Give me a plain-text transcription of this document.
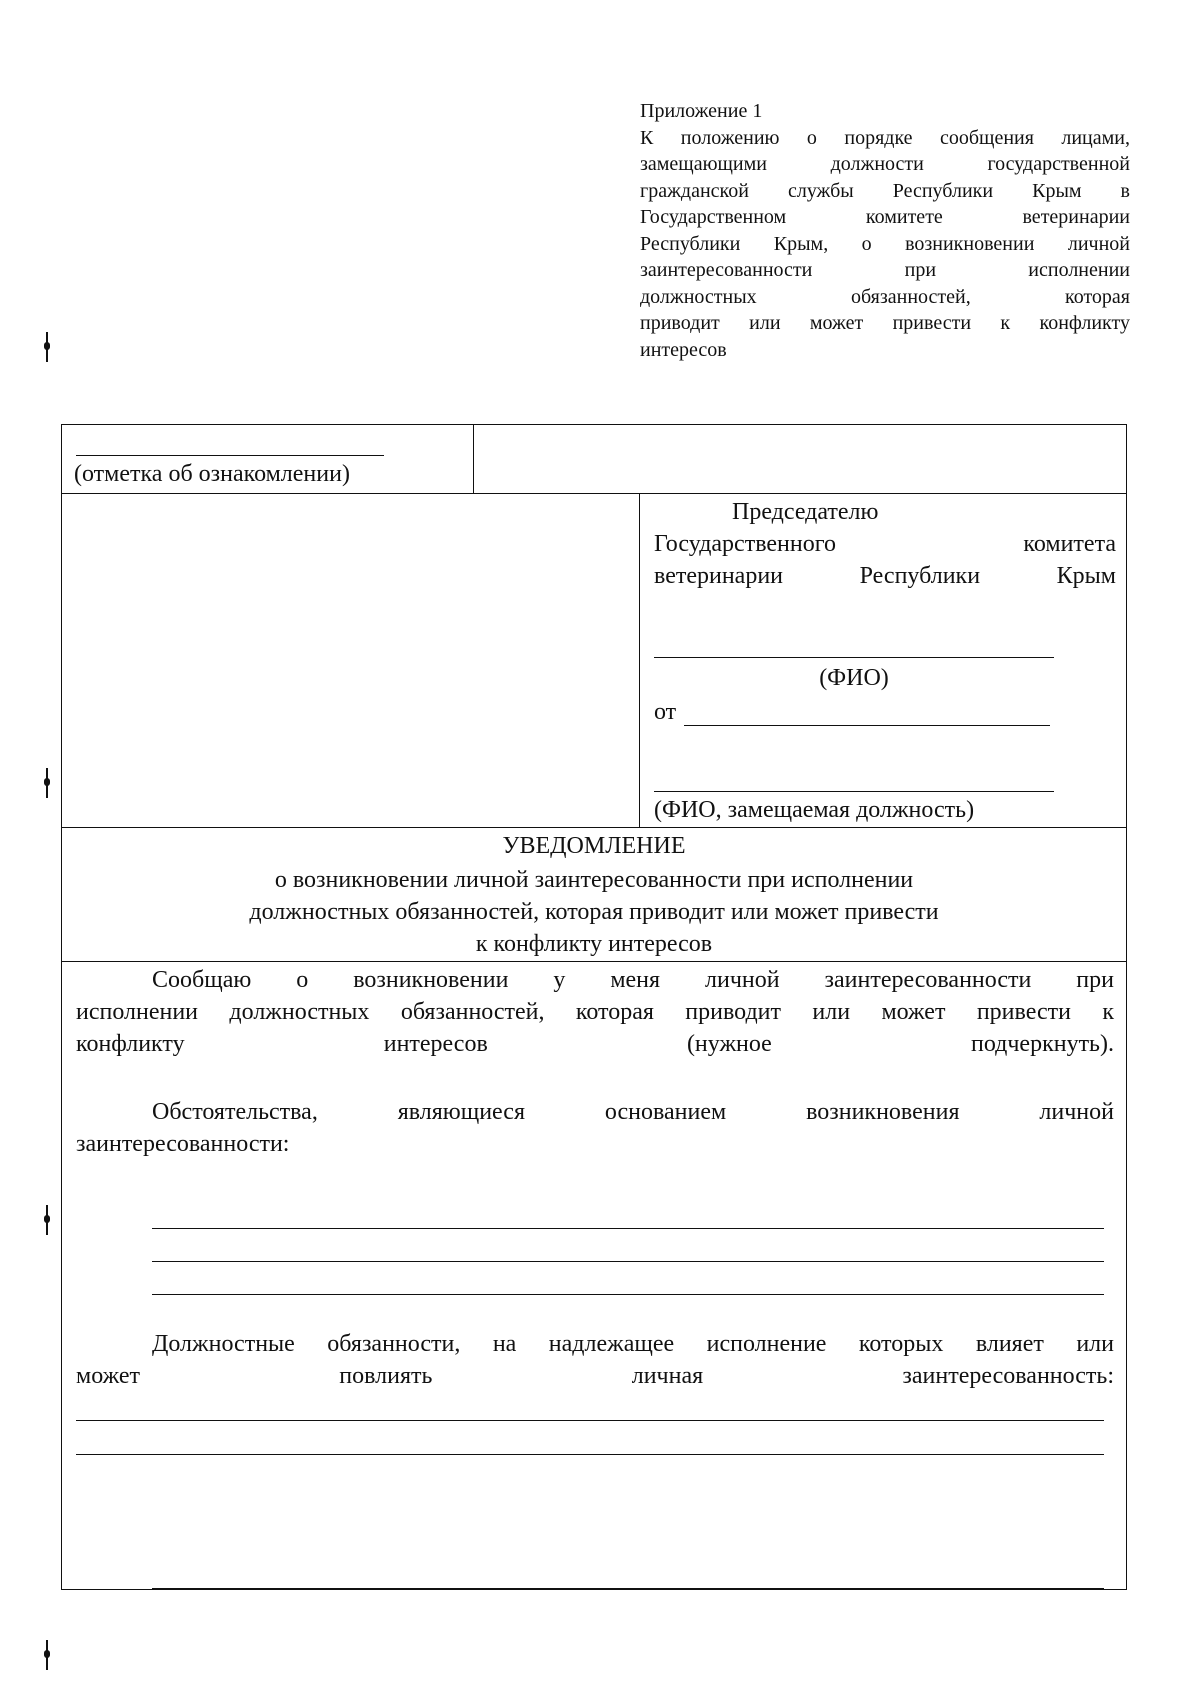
Приложение 1
К положению о порядке сообщения лицами,
замещающими должности государственной
гражданской службы Республики Крым в
Государственном комитете ветеринарии
Республики Крым, о возникновении личной
заинтересованности при исполнении
должностных обязанностей, которая
приводит или может привести к конфликту
интересов
(отметка об ознакомлении)
Председателю
Государственного комитета
ветеринарии Республики Крым
(ФИО)
от
(ФИО, замещаемая должность)
УВЕДОМЛЕНИЕ
о возникновении личной заинтересованности при исполнении
должностных обязанностей, которая приводит или может привести
к конфликту интересов
Сообщаю о возникновении у меня личной заинтересованности при
исполнении должностных обязанностей, которая приводит или может привести к
конфликту интересов (нужное подчеркнуть).
Обстоятельства, являющиеся основанием возникновения личной
заинтересованности:
Должностные обязанности, на надлежащее исполнение которых влияет или
может повлиять личная заинтересованность:
